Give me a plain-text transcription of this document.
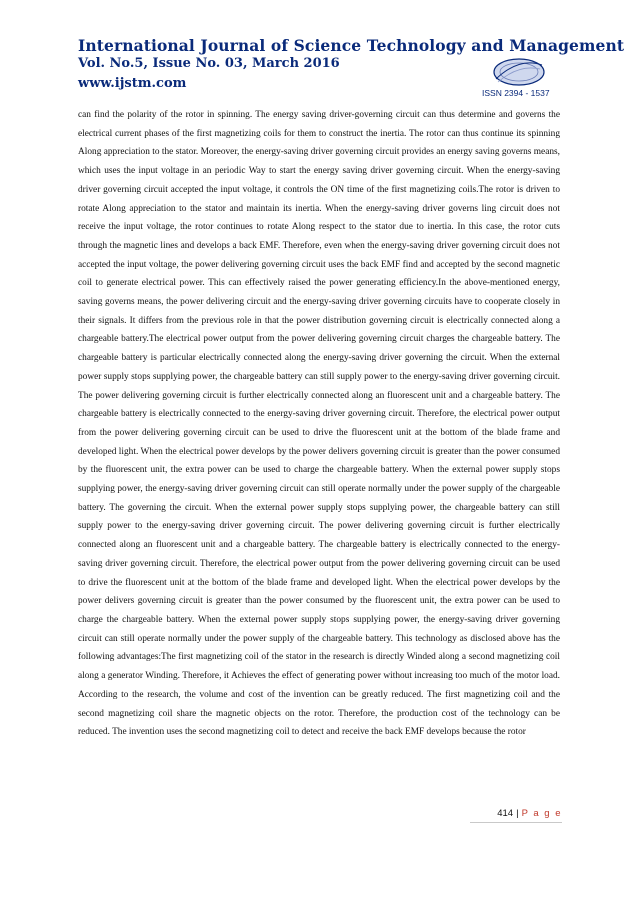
International Journal of Science Technology and Management
Vol. No.5, Issue No. 03, March 2016
www.ijstm.com
ISSN 2394 - 1537

can find the polarity of the rotor in spinning. The energy saving driver-governing circuit can thus determine and governs the electrical current phases of the first magnetizing coils for them to construct the inertia. The rotor can thus continue its spinning Along appreciation to the stator. Moreover, the energy-saving driver governing circuit provides an energy saving governs means, which uses the input voltage in an periodic Way to start the energy saving driver governing circuit. When the energy-saving driver governing circuit accepted the input voltage, it controls the ON time of the first magnetizing coils.The rotor is driven to rotate Along appreciation to the stator and maintain its inertia. When the energy-saving driver governs ling circuit does not receive the input voltage, the rotor continues to rotate Along respect to the stator due to inertia. In this case, the rotor cuts through the magnetic lines and develops a back EMF. Therefore, even when the energy-saving driver governing circuit does not accepted the input voltage, the power delivering governing circuit uses the back EMF find and accepted by the second magnetic coil to generate electrical power. This can effectively raised the power generating efficiency.In the above-mentioned energy, saving governs means, the power delivering circuit and the energy-saving driver governing circuits have to cooperate closely in their signals. It differs from the previous role in that the power distribution governing circuit is electrically connected along a chargeable battery.The electrical power output from the power delivering governing circuit charges the chargeable battery. The chargeable battery is particular electrically connected along the energy-saving driver governing the circuit. When the external power supply stops supplying power, the chargeable battery can still supply power to the energy-saving driver governing circuit. The power delivering governing circuit is further electrically connected along an fluorescent unit and a chargeable battery. The chargeable battery is electrically connected to the energy-saving driver governing circuit. Therefore, the electrical power output from the power delivering governing circuit can be used to drive the fluorescent unit at the bottom of the blade frame and developed light. When the electrical power develops by the power delivers governing circuit is greater than the power consumed by the fluorescent unit, the extra power can be used to charge the chargeable battery. When the external power supply stops supplying power, the energy-saving driver governing circuit can still operate normally under the power supply of the chargeable battery. The governing the circuit. When the external power supply stops supplying power, the chargeable battery can still supply power to the energy-saving driver governing circuit. The power delivering governing circuit is further electrically connected along an fluorescent unit and a chargeable battery. The chargeable battery is electrically connected to the energy-saving driver governing circuit. Therefore, the electrical power output from the power delivering governing circuit can be used to drive the fluorescent unit at the bottom of the blade frame and developed light. When the electrical power develops by the power delivers governing circuit is greater than the power consumed by the fluorescent unit, the extra power can be used to charge the chargeable battery. When the external power supply stops supplying power, the energy-saving driver governing circuit can still operate normally under the power supply of the chargeable battery. This technology as disclosed above has the following advantages:The first magnetizing coil of the stator in the research is directly Winded along a second magnetizing coil along a generator Winding. Therefore, it Achieves the effect of generating power without increasing too much of the motor load. According to the research, the volume and cost of the invention can be greatly reduced. The first magnetizing coil and the second magnetizing coil share the magnetic objects on the rotor. Therefore, the production cost of the technology can be reduced. The invention uses the second magnetizing coil to detect and receive the back EMF develops because the rotor

414 | P a g e
